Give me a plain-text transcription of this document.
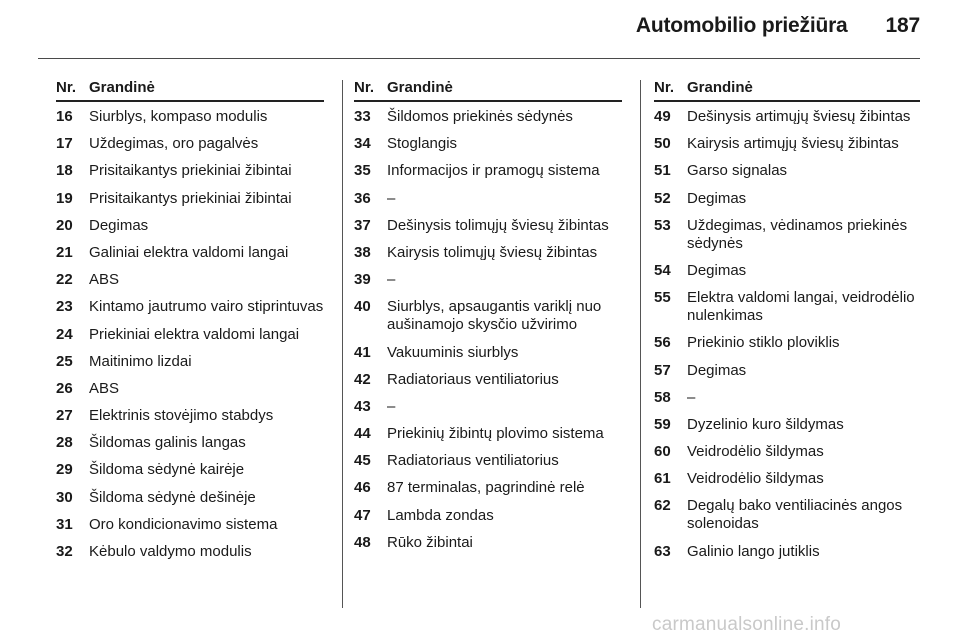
Automobilio priežiūra 187
Nr. Grandinė
16	Siurblys, kompaso modulis
17	Uždegimas, oro pagalvės
18	Prisitaikantys priekiniai žibintai
19	Prisitaikantys priekiniai žibintai
20	Degimas
21	Galiniai elektra valdomi langai
22	ABS
23	Kintamo jautrumo vairo stiprintuvas
24	Priekiniai elektra valdomi langai
25	Maitinimo lizdai
26	ABS
27	Elektrinis stovėjimo stabdys
28	Šildomas galinis langas
29	Šildoma sėdynė kairėje
30	Šildoma sėdynė dešinėje
31	Oro kondicionavimo sistema
32	Kėbulo valdymo modulis
Nr. Grandinė
33	Šildomos priekinės sėdynės
34	Stoglangis
35	Informacijos ir pramogų sistema
36	–
37	Dešinysis tolimųjų šviesų žibintas
38	Kairysis tolimųjų šviesų žibintas
39	–
40	Siurblys, apsaugantis variklį nuo aušinamojo skysčio užvirimo
41	Vakuuminis siurblys
42	Radiatoriaus ventiliatorius
43	–
44	Priekinių žibintų plovimo sistema
45	Radiatoriaus ventiliatorius
46	87 terminalas, pagrindinė relė
47	Lambda zondas
48	Rūko žibintai
Nr. Grandinė
49	Dešinysis artimųjų šviesų žibintas
50	Kairysis artimųjų šviesų žibintas
51	Garso signalas
52	Degimas
53	Uždegimas, vėdinamos priekinės sėdynės
54	Degimas
55	Elektra valdomi langai, veidrodėlio nulenkimas
56	Priekinio stiklo ploviklis
57	Degimas
58	–
59	Dyzelinio kuro šildymas
60	Veidrodėlio šildymas
61	Veidrodėlio šildymas
62	Degalų bako ventiliacinės angos solenoidas
63	Galinio lango jutiklis
carmanualsonline.info
